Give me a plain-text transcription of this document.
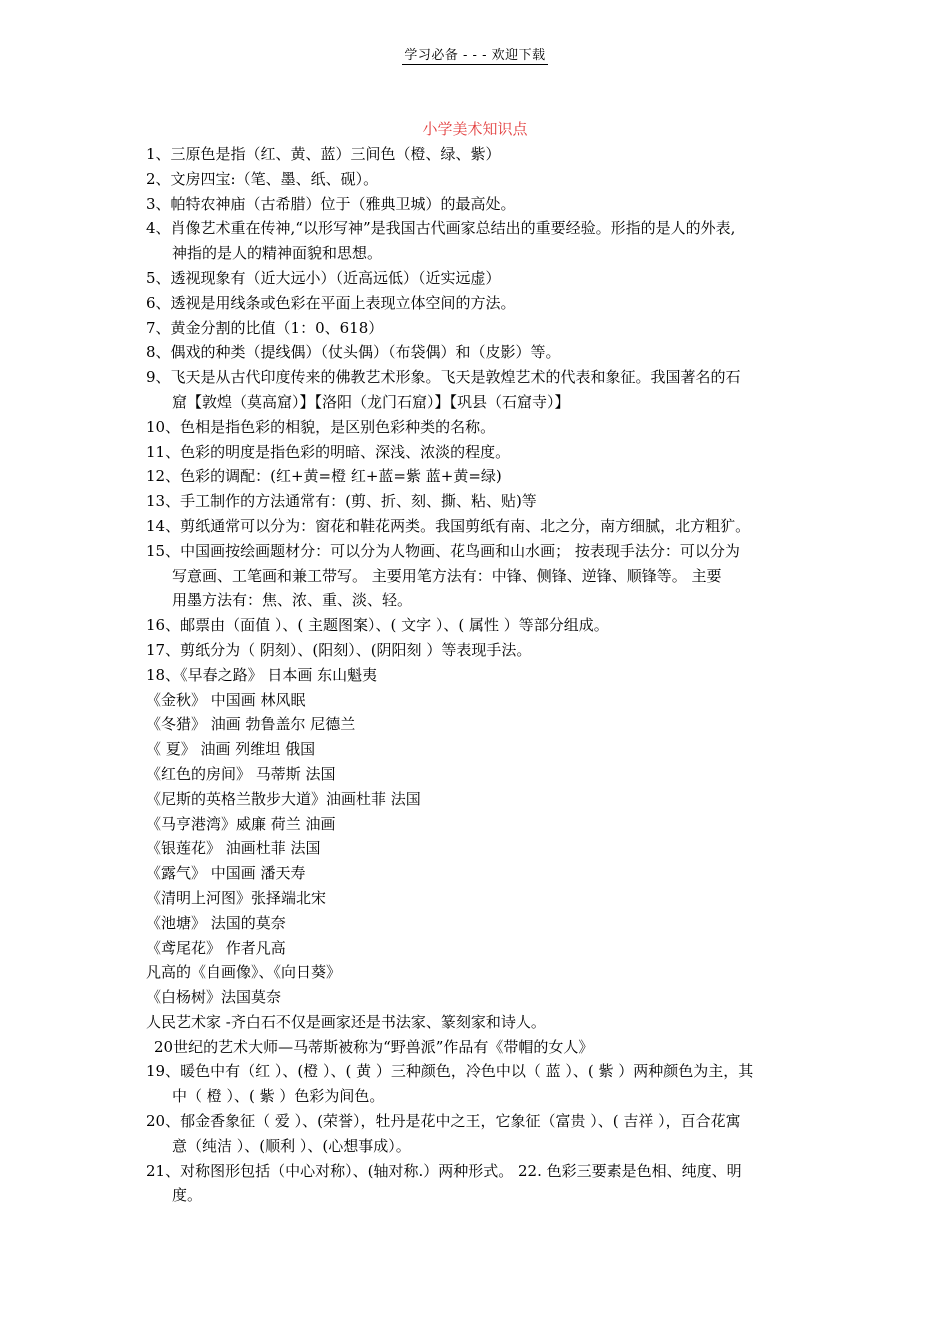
学习必备 - - - 欢迎下载
小学美术知识点
1、三原色是指（红、黄、蓝）三间色（橙、绿、紫）
2、文房四宝:（笔、墨、纸、砚）。
3、帕特农神庙（古希腊）位于（雅典卫城）的最高处。
4、肖像艺术重在传神,“以形写神”是我国古代画家总结出的重要经验。形指的是人的外表,
神指的是人的精神面貌和思想。
5、透视现象有（近大远小）（近高远低）（近实远虚）
6、透视是用线条或色彩在平面上表现立体空间的方法。
7、黄金分割的比值（1：0、618）
8、偶戏的种类（提线偶）（仗头偶）（布袋偶）和（皮影）等。
9、飞天是从古代印度传来的佛教艺术形象。飞天是敦煌艺术的代表和象征。我国著名的石
窟【敦煌（莫高窟）】【洛阳（龙门石窟）】【巩县（石窟寺）】
10、色相是指色彩的相貌，是区别色彩种类的名称。
11、色彩的明度是指色彩的明暗、深浅、浓淡的程度。
12、色彩的调配：(红+黄=橙 红+蓝=紫 蓝+黄=绿)
13、手工制作的方法通常有：(剪、折、刻、撕、粘、贴)等
14、剪纸通常可以分为：窗花和鞋花两类。我国剪纸有南、北之分，南方细腻，北方粗犷。
15、中国画按绘画题材分：可以分为人物画、花鸟画和山水画； 按表现手法分：可以分为
写意画、工笔画和兼工带写。 主要用笔方法有：中锋、侧锋、逆锋、顺锋等。 主要
用墨方法有：焦、浓、重、淡、轻。
16、邮票由（面值 ）、( 主题图案）、( 文字 ）、( 属性 ）等部分组成。
17、剪纸分为（ 阴刻）、(阳刻）、(阴阳刻 ）等表现手法。
18、《早春之路》 日本画 东山魁夷
《金秋》 中国画 林风眠
《冬猎》 油画 勃鲁盖尔 尼德兰
《 夏》 油画 列维坦 俄国
《红色的房间》 马蒂斯 法国
《尼斯的英格兰散步大道》油画杜菲 法国
《马亨港湾》威廉 荷兰 油画
《银莲花》 油画杜菲 法国
《露气》 中国画 潘天寿
《清明上河图》张择端北宋
《池塘》 法国的莫奈
《鸢尾花》 作者凡高
凡高的《自画像》、《向日葵》
《白杨树》法国莫奈
人民艺术家 -齐白石不仅是画家还是书法家、篆刻家和诗人。
20世纪的艺术大师—马蒂斯被称为“野兽派”作品有《带帽的女人》
19、暖色中有（红 ）、(橙 ）、( 黄 ）三种颜色，冷色中以（ 蓝 ）、( 紫 ）两种颜色为主，其
中（ 橙 ）、( 紫 ）色彩为间色。
20、郁金香象征（ 爱 ）、(荣誉），牡丹是花中之王，它象征（富贵 ）、( 吉祥 ），百合花寓
意（纯洁 ）、(顺利 ）、(心想事成）。
21、对称图形包括（中心对称）、(轴对称.）两种形式。 22. 色彩三要素是色相、纯度、明
度。
